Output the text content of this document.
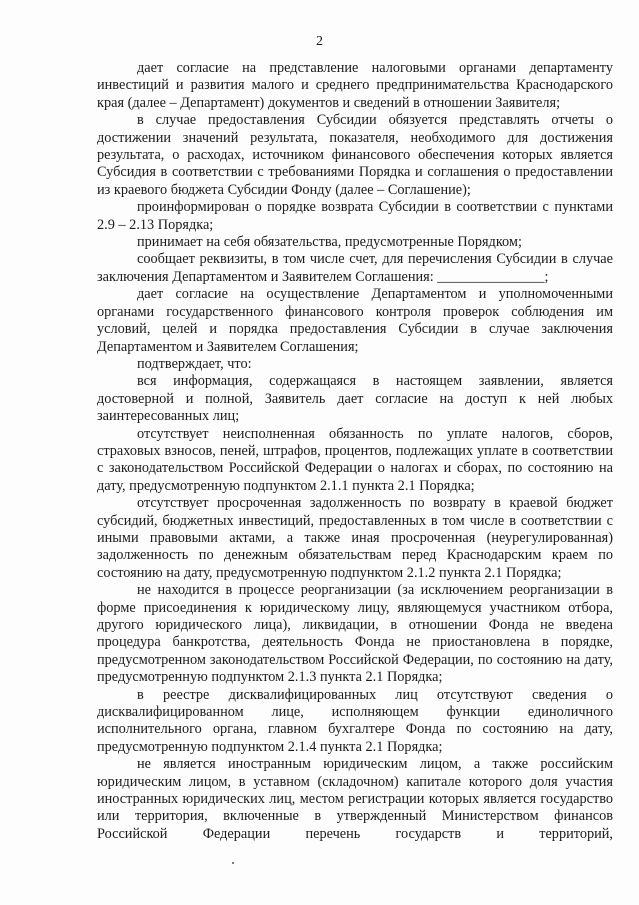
2

дает согласие на представление налоговыми органами департаменту инвестиций и развития малого и среднего предпринимательства Краснодарского края (далее – Департамент) документов и сведений в отношении Заявителя;

в случае предоставления Субсидии обязуется представлять отчеты о достижении значений результата, показателя, необходимого для достижения результата, о расходах, источником финансового обеспечения которых является Субсидия в соответствии с требованиями Порядка и соглашения о предоставлении из краевого бюджета Субсидии Фонду (далее – Соглашение);

проинформирован о порядке возврата Субсидии в соответствии с пунктами 2.9 – 2.13 Порядка;

принимает на себя обязательства, предусмотренные Порядком;

сообщает реквизиты, в том числе счет, для перечисления Субсидии в случае заключения Департаментом и Заявителем Соглашения: _______________;

дает согласие на осуществление Департаментом и уполномоченными органами государственного финансового контроля проверок соблюдения им условий, целей и порядка предоставления Субсидии в случае заключения Департаментом и Заявителем Соглашения;

подтверждает, что:

вся информация, содержащаяся в настоящем заявлении, является достоверной и полной, Заявитель дает согласие на доступ к ней любых заинтересованных лиц;

отсутствует неисполненная обязанность по уплате налогов, сборов, страховых взносов, пеней, штрафов, процентов, подлежащих уплате в соответствии с законодательством Российской Федерации о налогах и сборах, по состоянию на дату, предусмотренную подпунктом 2.1.1 пункта 2.1 Порядка;

отсутствует просроченная задолженность по возврату в краевой бюджет субсидий, бюджетных инвестиций, предоставленных в том числе в соответствии с иными правовыми актами, а также иная просроченная (неурегулированная) задолженность по денежным обязательствам перед Краснодарским краем по состоянию на дату, предусмотренную подпунктом 2.1.2 пункта 2.1 Порядка;

не находится в процессе реорганизации (за исключением реорганизации в форме присоединения к юридическому лицу, являющемуся участником отбора, другого юридического лица), ликвидации, в отношении Фонда не введена процедура банкротства, деятельность Фонда не приостановлена в порядке, предусмотренном законодательством Российской Федерации, по состоянию на дату, предусмотренную подпунктом 2.1.3 пункта 2.1 Порядка;

в реестре дисквалифицированных лиц отсутствуют сведения о дисквалифицированном лице, исполняющем функции единоличного исполнительного органа, главном бухгалтере Фонда по состоянию на дату, предусмотренную подпунктом 2.1.4 пункта 2.1 Порядка;

не является иностранным юридическим лицом, а также российским юридическим лицом, в уставном (складочном) капитале которого доля участия иностранных юридических лиц, местом регистрации которых является государство или территория, включенные в утвержденный Министерством финансов Российской Федерации перечень государств и территорий,
